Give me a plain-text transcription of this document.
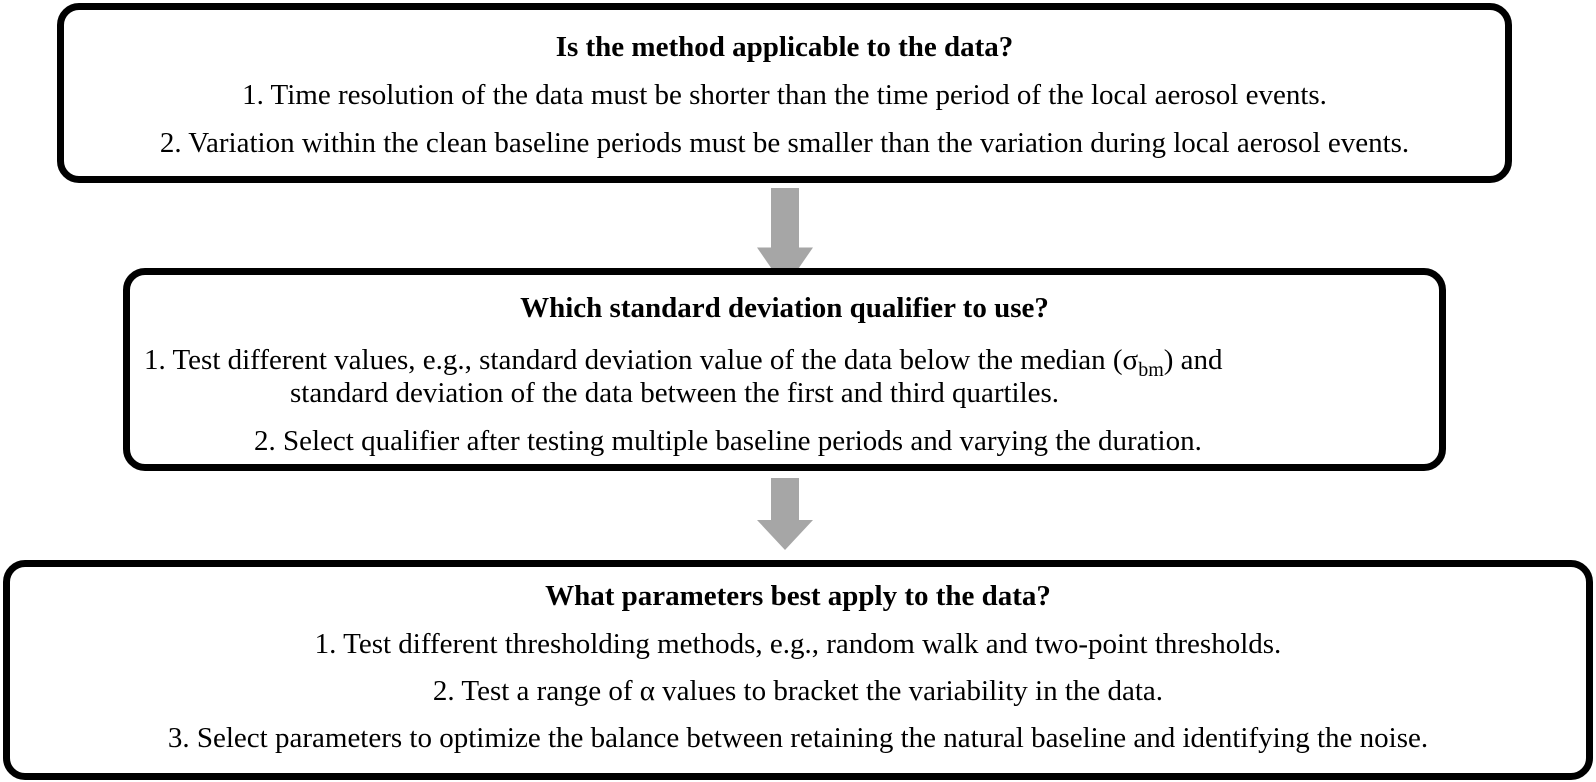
Is the method applicable to the data?
1. Time resolution of the data must be shorter than the time period of the local aerosol events.
2. Variation within the clean baseline periods must be smaller than the variation during local aerosol events.
Which standard deviation qualifier to use?
1. Test different values, e.g., standard deviation value of the data below the median $(\sigma_{bm})$ and
standard deviation of the data between the first and third quartiles.
2. Select qualifier after testing multiple baseline periods and varying the duration.
What parameters best apply to the data?
1. Test different thresholding methods, e.g., random walk and two-point thresholds.
2. Test a range of α values to bracket the variability in the data.
3. Select parameters to optimize the balance between retaining the natural baseline and identifying the noise.
